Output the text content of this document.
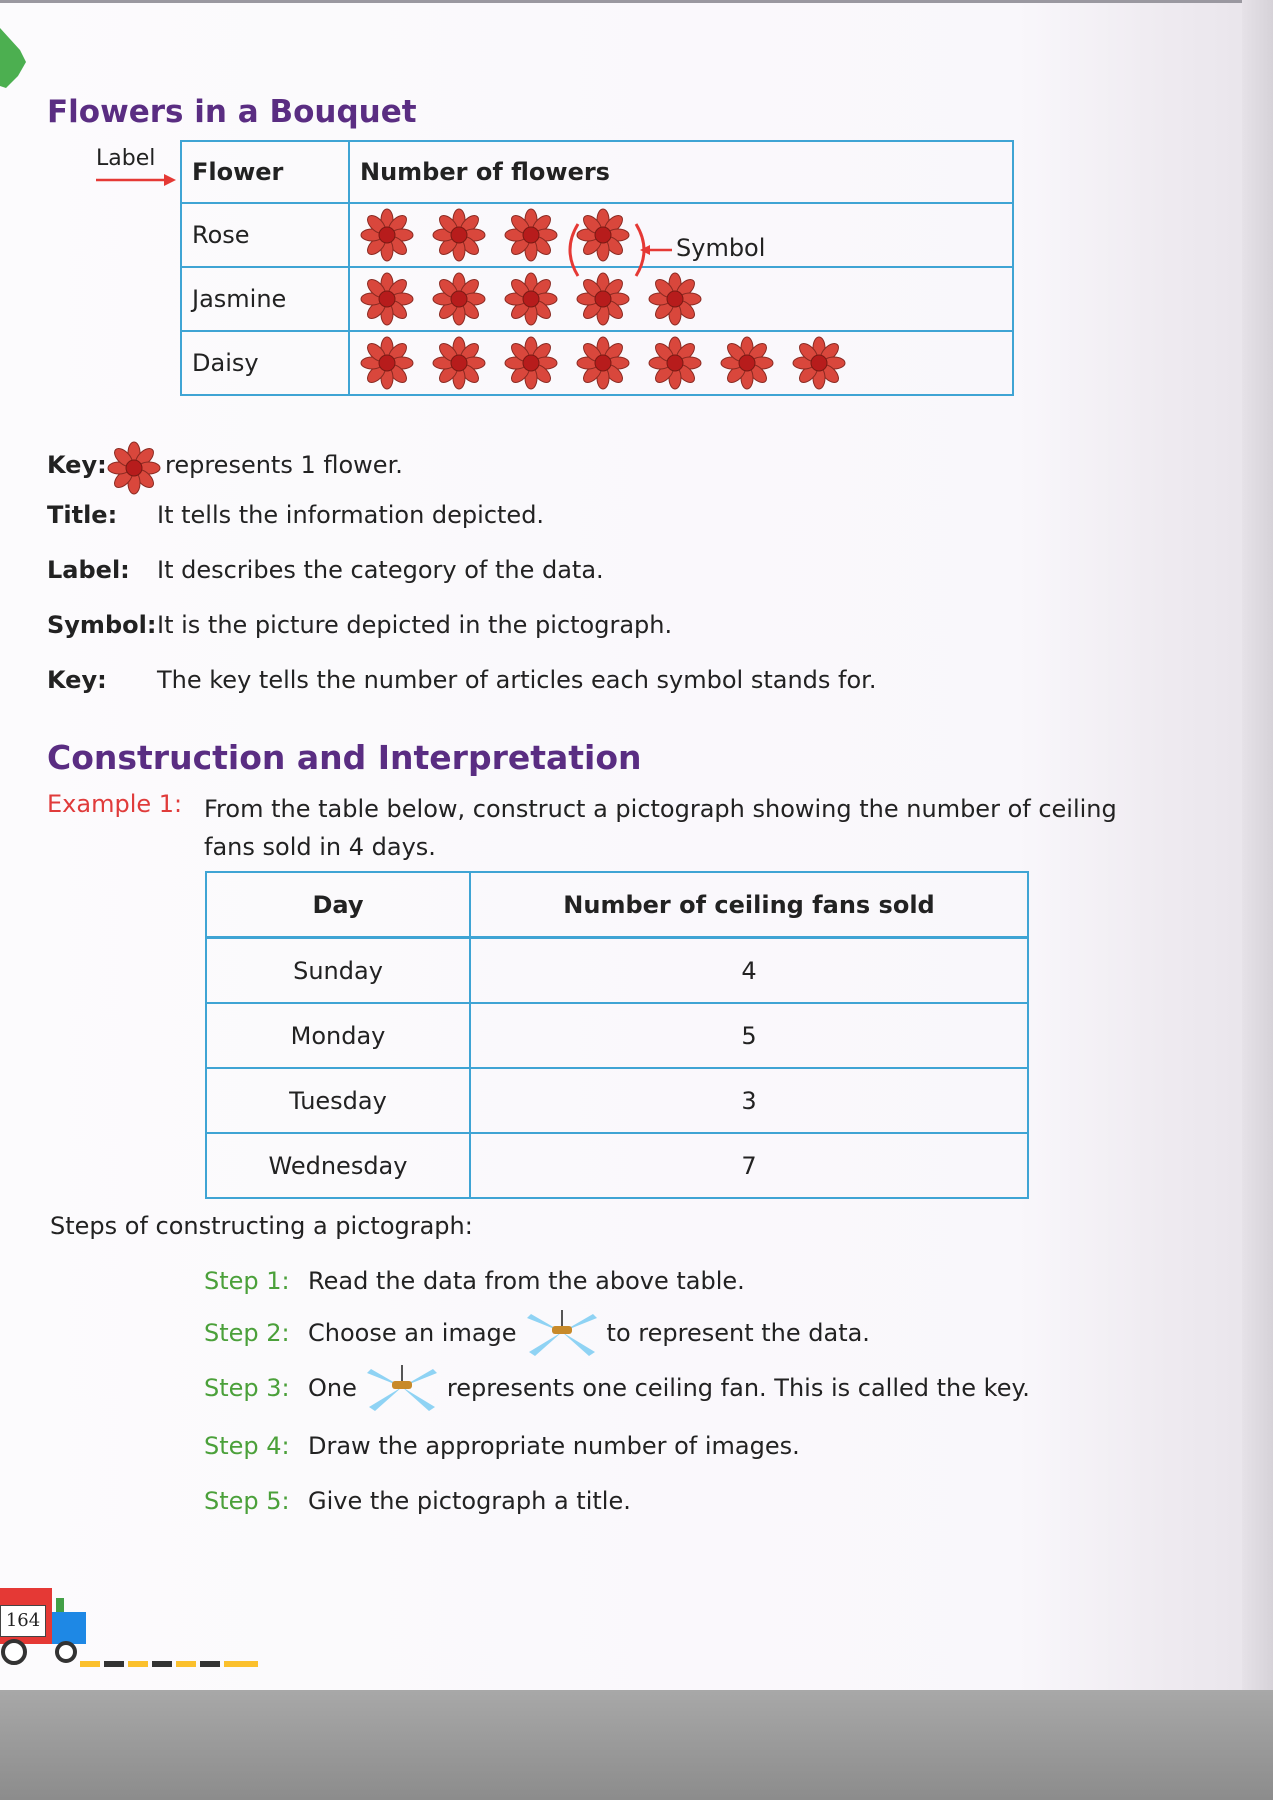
Flowers in a Bouquet
Label Flower	Number of flowers
Rose	

Jasmine	

Daisy	
Symbol
Key: represents 1 flower.
Title: It tells the information depicted.
Label: It describes the category of the data.
Symbol:It is the picture depicted in the pictograph.
Key: The key tells the number of articles each symbol stands for.
Construction and Interpretation
Example 1: From the table below, construct a pictograph showing the number of ceiling fans sold in 4 days.
Day	Number of ceiling fans sold
Sunday	4
Monday	5
Tuesday	3
Wednesday	7
Steps of constructing a pictograph:
Step 1: Read the data from the above table.
Step 2: Choose an image	to represent the data.
Step 3: One	represents one ceiling fan. This is called the key.
Step 4: Draw the appropriate number of images.
Step 5: Give the pictograph a title.
164
